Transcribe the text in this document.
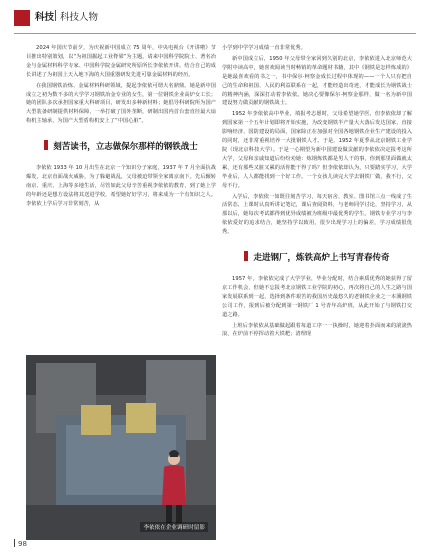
科技 科技人物

2024 年国庆节前夕，为庆祝新中国成立 75 周年，中央电视台《开讲啦》节目推出特别策划，以“为祖国掘起工业脊梁”为主题，请来中国科学院院士、著名冶金与金属材料科学专家、中国科学院金属研究所原所长李依依开讲。结合自己的成长讲述了为祖国上天入地下海的大国重器研发先进可靠金属材料的经历。

在我国钢铁冶炼、金属材料科研领域，提起李依依可谓大名鼎鼎。她是新中国成立之初为数不多的大学学习钢铁冶金专业的女生，第一位钢铁企业高炉女工长；她的团队多次承担国家重大科研项目，研发出多种新材料；她倡导科研院所为国产大型装备研制提供材料保障，一举打破了国外垄断，研制出国内首台套直径最大扇构机主轴承，为国产大型盾构机安上了“中国心脏”。

刻苦读书，立志做保尔那样的钢铁战士

李依依 1933 年 10 月出生在北京一个知识分子家庭，1937 年 7 月全面抗战爆发，北京直面战火威胁，为了躲避战乱，父母被迫带领全家离京南下。先后辗转南京、重庆、上海等多地生活，尽管如此父母辛苦重视李依依的教育，到了她上学的年龄还是想方设法将其送进学校，希望她好好学习，将来成为一个有知识之人。李依依上学后学习非常刻苦，从

李依依在企业调研时留影

小学到中学学习成绩一直非常优秀。

新中国成立后，1950 年父母带全家回到久别的北京，李依依进入北京师范大学附中读高中，她喜欢阅读当时畅销的革命题材书籍，其中《钢铁是怎样炼成的》是她最喜欢看的书之一，书中保尔·柯察金成长过程中体现的——一个人只有把自己的生命和祖国、人民的利益联系在一起，才能经造出奇迹，才能成长为钢铁战士的精神内涵，深深打动着李依依。她决心要像保尔·柯察金那样，做一名为新中国建设努力做贡献的钢铁战士。

1952 年李依依高中毕业，填报考志愿时，父母希望她学医，但李依依却了解到国家第一个五年计划即将开始实施，为改变钢铁半产量大大落后发达国家，直接影响经济、国防建设的局面，国家除正在加强对全国各地钢铁企业生产建设的投入的同时，还非常重视培养一大批钢铁人才。于是，1952 年夏季从北京钢铁工业学院（现北京科技大学）。于是一心期望为新中国建设做贡献的李依依决定报考这所大学，父母和亲戚知道后纷纷劝她：炼钢炼铁都是男人干的事，你到那里面做就太累，还有那些又脏又累的活你能干得了吗？但李依依却认为，只要踏实学习，大学毕业后，人人都能找到一个好工作。一个女孩儿读完大学去钢铁厂做，我不行，父母不行。

入学后，李依依一如既往刻苦学习，每天宿舍、教室、图书馆三点一线成了生活常态，上课时认真听讲记笔记，课后查阅资料，与老师同学讨论，坚持学习，从那以后，她每次考试都得到优异成绩被为班级中最优秀的学生。钢铁专业学习与李依依爱好的追求结合，她坚持学以致用，很少出现学习上的偏差，学习成绩很优秀。

走进钢厂，炼铁高炉上书写青春传奇

1957 年，李依依完成了大学学业，毕业分配时，结合素质优秀的她获得了留京工作机会，但她不忘报考北京钢铁工业学院的初心，再次将自己的人生之路与国家发展联系到一起，选择到条件艰苦的我国历史最悠久的老钢铁企业之一本溪钢铁公司工作，报到后被分配到第一钢铁厂 1 号青年高炉班，从此开始了与钢铁打交道之路。

上班后李依依从基础做起跟着每道工序一一执操时，她迎着扑面而来的滚滚热浪，在炉前不停挥动着大铁耙；清理现

98
